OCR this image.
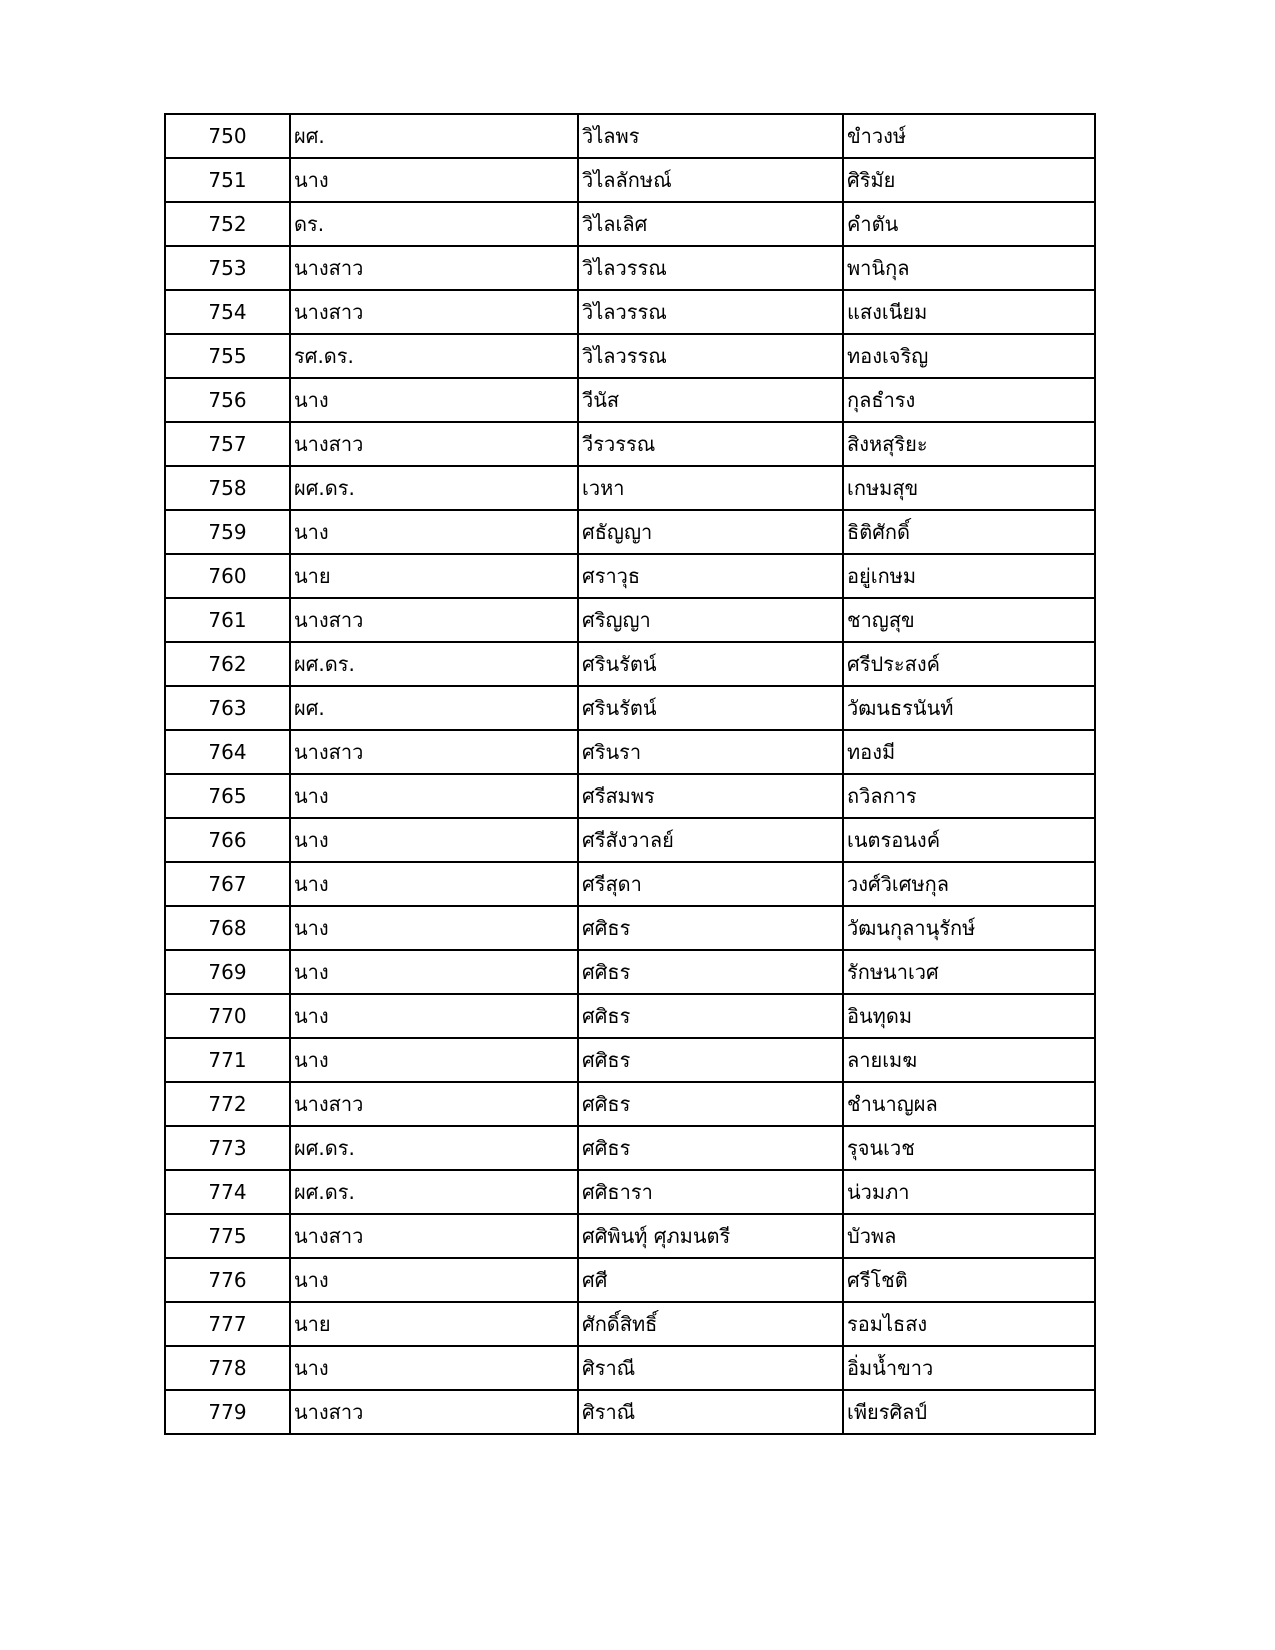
750	ผศ.	วิไลพร	ขำวงษ์
751	นาง	วิไลลักษณ์	ศิริมัย
752	ดร.	วิไลเลิศ	คำตัน
753	นางสาว	วิไลวรรณ	พานิกุล
754	นางสาว	วิไลวรรณ	แสงเนียม
755	รศ.ดร.	วิไลวรรณ	ทองเจริญ
756	นาง	วีนัส	กุลธำรง
757	นางสาว	วีรวรรณ	สิงหสุริยะ
758	ผศ.ดร.	เวหา	เกษมสุข
759	นาง	ศธัญญา	ธิติศักดิ์
760	นาย	ศราวุธ	อยู่เกษม
761	นางสาว	ศริญญา	ชาญสุข
762	ผศ.ดร.	ศรินรัตน์	ศรีประสงค์
763	ผศ.	ศรินรัตน์	วัฒนธรนันท์
764	นางสาว	ศรินรา	ทองมี
765	นาง	ศรีสมพร	ถวิลการ
766	นาง	ศรีสังวาลย์	เนตรอนงค์
767	นาง	ศรีสุดา	วงศ์วิเศษกุล
768	นาง	ศศิธร	วัฒนกุลานุรักษ์
769	นาง	ศศิธร	รักษนาเวศ
770	นาง	ศศิธร	อินทุดม
771	นาง	ศศิธร	ลายเมฆ
772	นางสาว	ศศิธร	ชำนาญผล
773	ผศ.ดร.	ศศิธร	รุจนเวช
774	ผศ.ดร.	ศศิธารา	น่วมภา
775	นางสาว	ศศิพินทุ์ ศุภมนตรี	บัวพล
776	นาง	ศศี	ศรีโชติ
777	นาย	ศักดิ์สิทธิ์	รอมไธสง
778	นาง	ศิราณี	อิ่มน้ำขาว
779	นางสาว	ศิราณี	เพียรศิลป์
